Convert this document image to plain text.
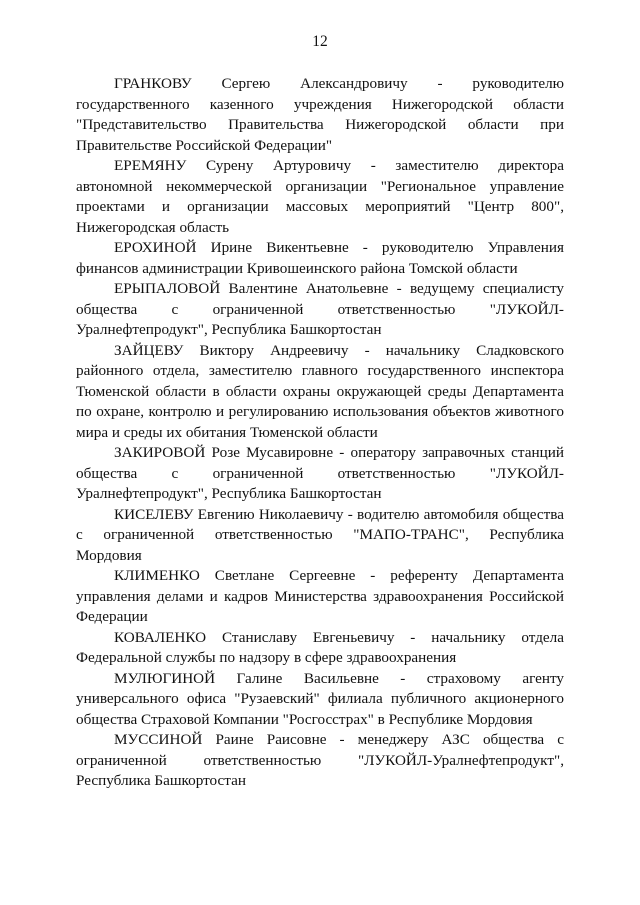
12

ГРАНКОВУ Сергею Александровичу - руководителю государственного казенного учреждения Нижегородской области "Представительство Правительства Нижегородской области при Правительстве Российской Федерации"

ЕРЕМЯНУ Сурену Артуровичу - заместителю директора автономной некоммерческой организации "Региональное управление проектами и организации массовых мероприятий "Центр 800", Нижегородская область

ЕРОХИНОЙ Ирине Викентьевне - руководителю Управления финансов администрации Кривошеинского района Томской области

ЕРЫПАЛОВОЙ Валентине Анатольевне - ведущему специалисту общества с ограниченной ответственностью "ЛУКОЙЛ-Уралнефтепродукт", Республика Башкортостан

ЗАЙЦЕВУ Виктору Андреевичу - начальнику Сладковского районного отдела, заместителю главного государственного инспектора Тюменской области в области охраны окружающей среды Департамента по охране, контролю и регулированию использования объектов животного мира и среды их обитания Тюменской области

ЗАКИРОВОЙ Розе Мусавировне - оператору заправочных станций общества с ограниченной ответственностью "ЛУКОЙЛ-Уралнефтепродукт", Республика Башкортостан

КИСЕЛЕВУ Евгению Николаевичу - водителю автомобиля общества с ограниченной ответственностью "МАПО-ТРАНС", Республика Мордовия

КЛИМЕНКО Светлане Сергеевне - референту Департамента управления делами и кадров Министерства здравоохранения Российской Федерации

КОВАЛЕНКО Станиславу Евгеньевичу - начальнику отдела Федеральной службы по надзору в сфере здравоохранения

МУЛЮГИНОЙ Галине Васильевне - страховому агенту универсального офиса "Рузаевский" филиала публичного акционерного общества Страховой Компании "Росгосстрах" в Республике Мордовия

МУССИНОЙ Раине Раисовне - менеджеру АЗС общества с ограниченной ответственностью "ЛУКОЙЛ-Уралнефтепродукт", Республика Башкортостан
